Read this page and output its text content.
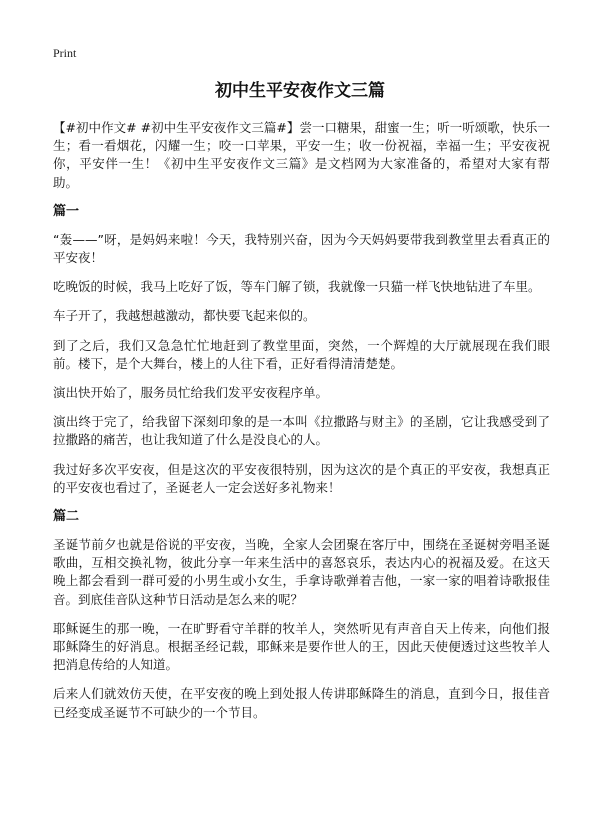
Print
初中生平安夜作文三篇

【#初中作文# #初中生平安夜作文三篇#】尝一口糖果，甜蜜一生；听一听颂歌，快乐一生；看一看烟花，闪耀一生；咬一口苹果，平安一生；收一份祝福，幸福一生；平安夜祝你，平安伴一生！《初中生平安夜作文三篇》是文档网为大家准备的，希望对大家有帮助。

篇一

“轰——”呀，是妈妈来啦！今天，我特别兴奋，因为今天妈妈要带我到教堂里去看真正的平安夜！

吃晚饭的时候，我马上吃好了饭，等车门解了锁，我就像一只猫一样飞快地钻进了车里。

车子开了，我越想越激动，都快要飞起来似的。

到了之后，我们又急急忙忙地赶到了教堂里面，突然，一个辉煌的大厅就展现在我们眼前。楼下，是个大舞台，楼上的人往下看，正好看得清清楚楚。

演出快开始了，服务员忙给我们发平安夜程序单。

演出终于完了，给我留下深刻印象的是一本叫《拉撒路与财主》的圣剧，它让我感受到了拉撒路的痛苦，也让我知道了什么是没良心的人。

我过好多次平安夜，但是这次的平安夜很特别，因为这次的是个真正的平安夜，我想真正的平安夜也看过了，圣诞老人一定会送好多礼物来！

篇二

圣诞节前夕也就是俗说的平安夜，当晚，全家人会团聚在客厅中，围绕在圣诞树旁唱圣诞歌曲，互相交换礼物，彼此分享一年来生活中的喜怒哀乐，表达内心的祝福及爱。在这天晚上都会看到一群可爱的小男生或小女生，手拿诗歌弹着吉他，一家一家的唱着诗歌报佳音。到底佳音队这种节日活动是怎么来的呢？

耶稣诞生的那一晚，一在旷野看守羊群的牧羊人，突然听见有声音自天上传来，向他们报耶稣降生的好消息。根据圣经记载，耶稣来是要作世人的王，因此天使便透过这些牧羊人把消息传给的人知道。

后来人们就效仿天使，在平安夜的晚上到处报人传讲耶稣降生的消息，直到今日，报佳音已经变成圣诞节不可缺少的一个节目。
